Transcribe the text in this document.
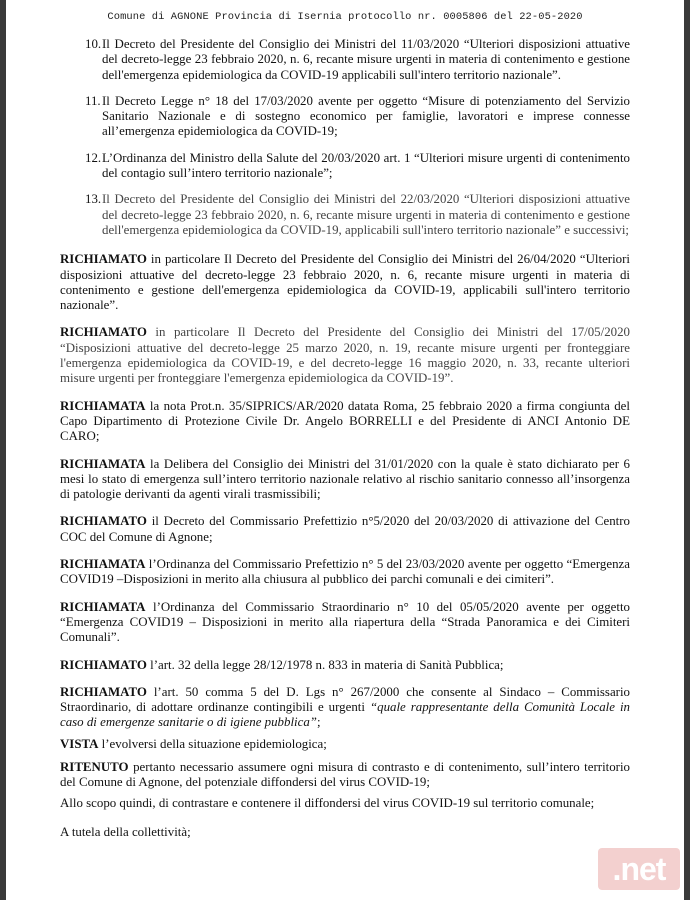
Comune di AGNONE Provincia di Isernia protocollo nr. 0005806 del 22-05-2020
10. Il Decreto del Presidente del Consiglio dei Ministri del 11/03/2020 “Ulteriori disposizioni attuative del decreto-legge 23 febbraio 2020, n. 6, recante misure urgenti in materia di contenimento e gestione dell'emergenza epidemiologica da COVID-19 applicabili sull'intero territorio nazionale”.
11. Il Decreto Legge n° 18 del 17/03/2020 avente per oggetto “Misure di potenziamento del Servizio Sanitario Nazionale e di sostegno economico per famiglie, lavoratori e imprese connesse all’emergenza epidemiologica da COVID-19;
12. L’Ordinanza del Ministro della Salute del 20/03/2020 art. 1 “Ulteriori misure urgenti di contenimento del contagio sull’intero territorio nazionale”;
13. Il Decreto del Presidente del Consiglio dei Ministri del 22/03/2020 “Ulteriori disposizioni attuative del decreto-legge 23 febbraio 2020, n. 6, recante misure urgenti in materia di contenimento e gestione dell'emergenza epidemiologica da COVID-19, applicabili sull'intero territorio nazionale” e successivi;
RICHIAMATO in particolare Il Decreto del Presidente del Consiglio dei Ministri del 26/04/2020 “Ulteriori disposizioni attuative del decreto-legge 23 febbraio 2020, n. 6, recante misure urgenti in materia di contenimento e gestione dell'emergenza epidemiologica da COVID-19, applicabili sull'intero territorio nazionale”.
RICHIAMATO in particolare Il Decreto del Presidente del Consiglio dei Ministri del 17/05/2020 “Disposizioni attuative del decreto-legge 25 marzo 2020, n. 19, recante misure urgenti per fronteggiare l'emergenza epidemiologica da COVID-19, e del decreto-legge 16 maggio 2020, n. 33, recante ulteriori misure urgenti per fronteggiare l'emergenza epidemiologica da COVID-19”.
RICHIAMATA la nota Prot.n. 35/SIPRICS/AR/2020 datata Roma, 25 febbraio 2020 a firma congiunta del Capo Dipartimento di Protezione Civile Dr. Angelo BORRELLI e del Presidente di ANCI Antonio DE CARO;
RICHIAMATA la Delibera del Consiglio dei Ministri del 31/01/2020 con la quale è stato dichiarato per 6 mesi lo stato di emergenza sull’intero territorio nazionale relativo al rischio sanitario connesso all’insorgenza di patologie derivanti da agenti virali trasmissibili;
RICHIAMATO il Decreto del Commissario Prefettizio n°5/2020 del 20/03/2020 di attivazione del Centro COC del Comune di Agnone;
RICHIAMATA l’Ordinanza del Commissario Prefettizio n° 5 del 23/03/2020 avente per oggetto “Emergenza COVID19 –Disposizioni in merito alla chiusura al pubblico dei parchi comunali e dei cimiteri”.
RICHIAMATA l’Ordinanza del Commissario Straordinario n° 10 del 05/05/2020 avente per oggetto “Emergenza COVID19 – Disposizioni in merito alla riapertura della “Strada Panoramica e dei Cimiteri Comunali”.
RICHIAMATO l’art. 32 della legge 28/12/1978 n. 833 in materia di Sanità Pubblica;
RICHIAMATO l’art. 50 comma 5 del D. Lgs n° 267/2000 che consente al Sindaco – Commissario Straordinario, di adottare ordinanze contingibili e urgenti “quale rappresentante della Comunità Locale in caso di emergenze sanitarie o di igiene pubblica”;
VISTA l’evolversi della situazione epidemiologica;
RITENUTO pertanto necessario assumere ogni misura di contrasto e di contenimento, sull’intero territorio del Comune di Agnone, del potenziale diffondersi del virus COVID-19;
Allo scopo quindi, di contrastare e contenere il diffondersi del virus COVID-19 sul territorio comunale;
A tutela della collettività;
.net
